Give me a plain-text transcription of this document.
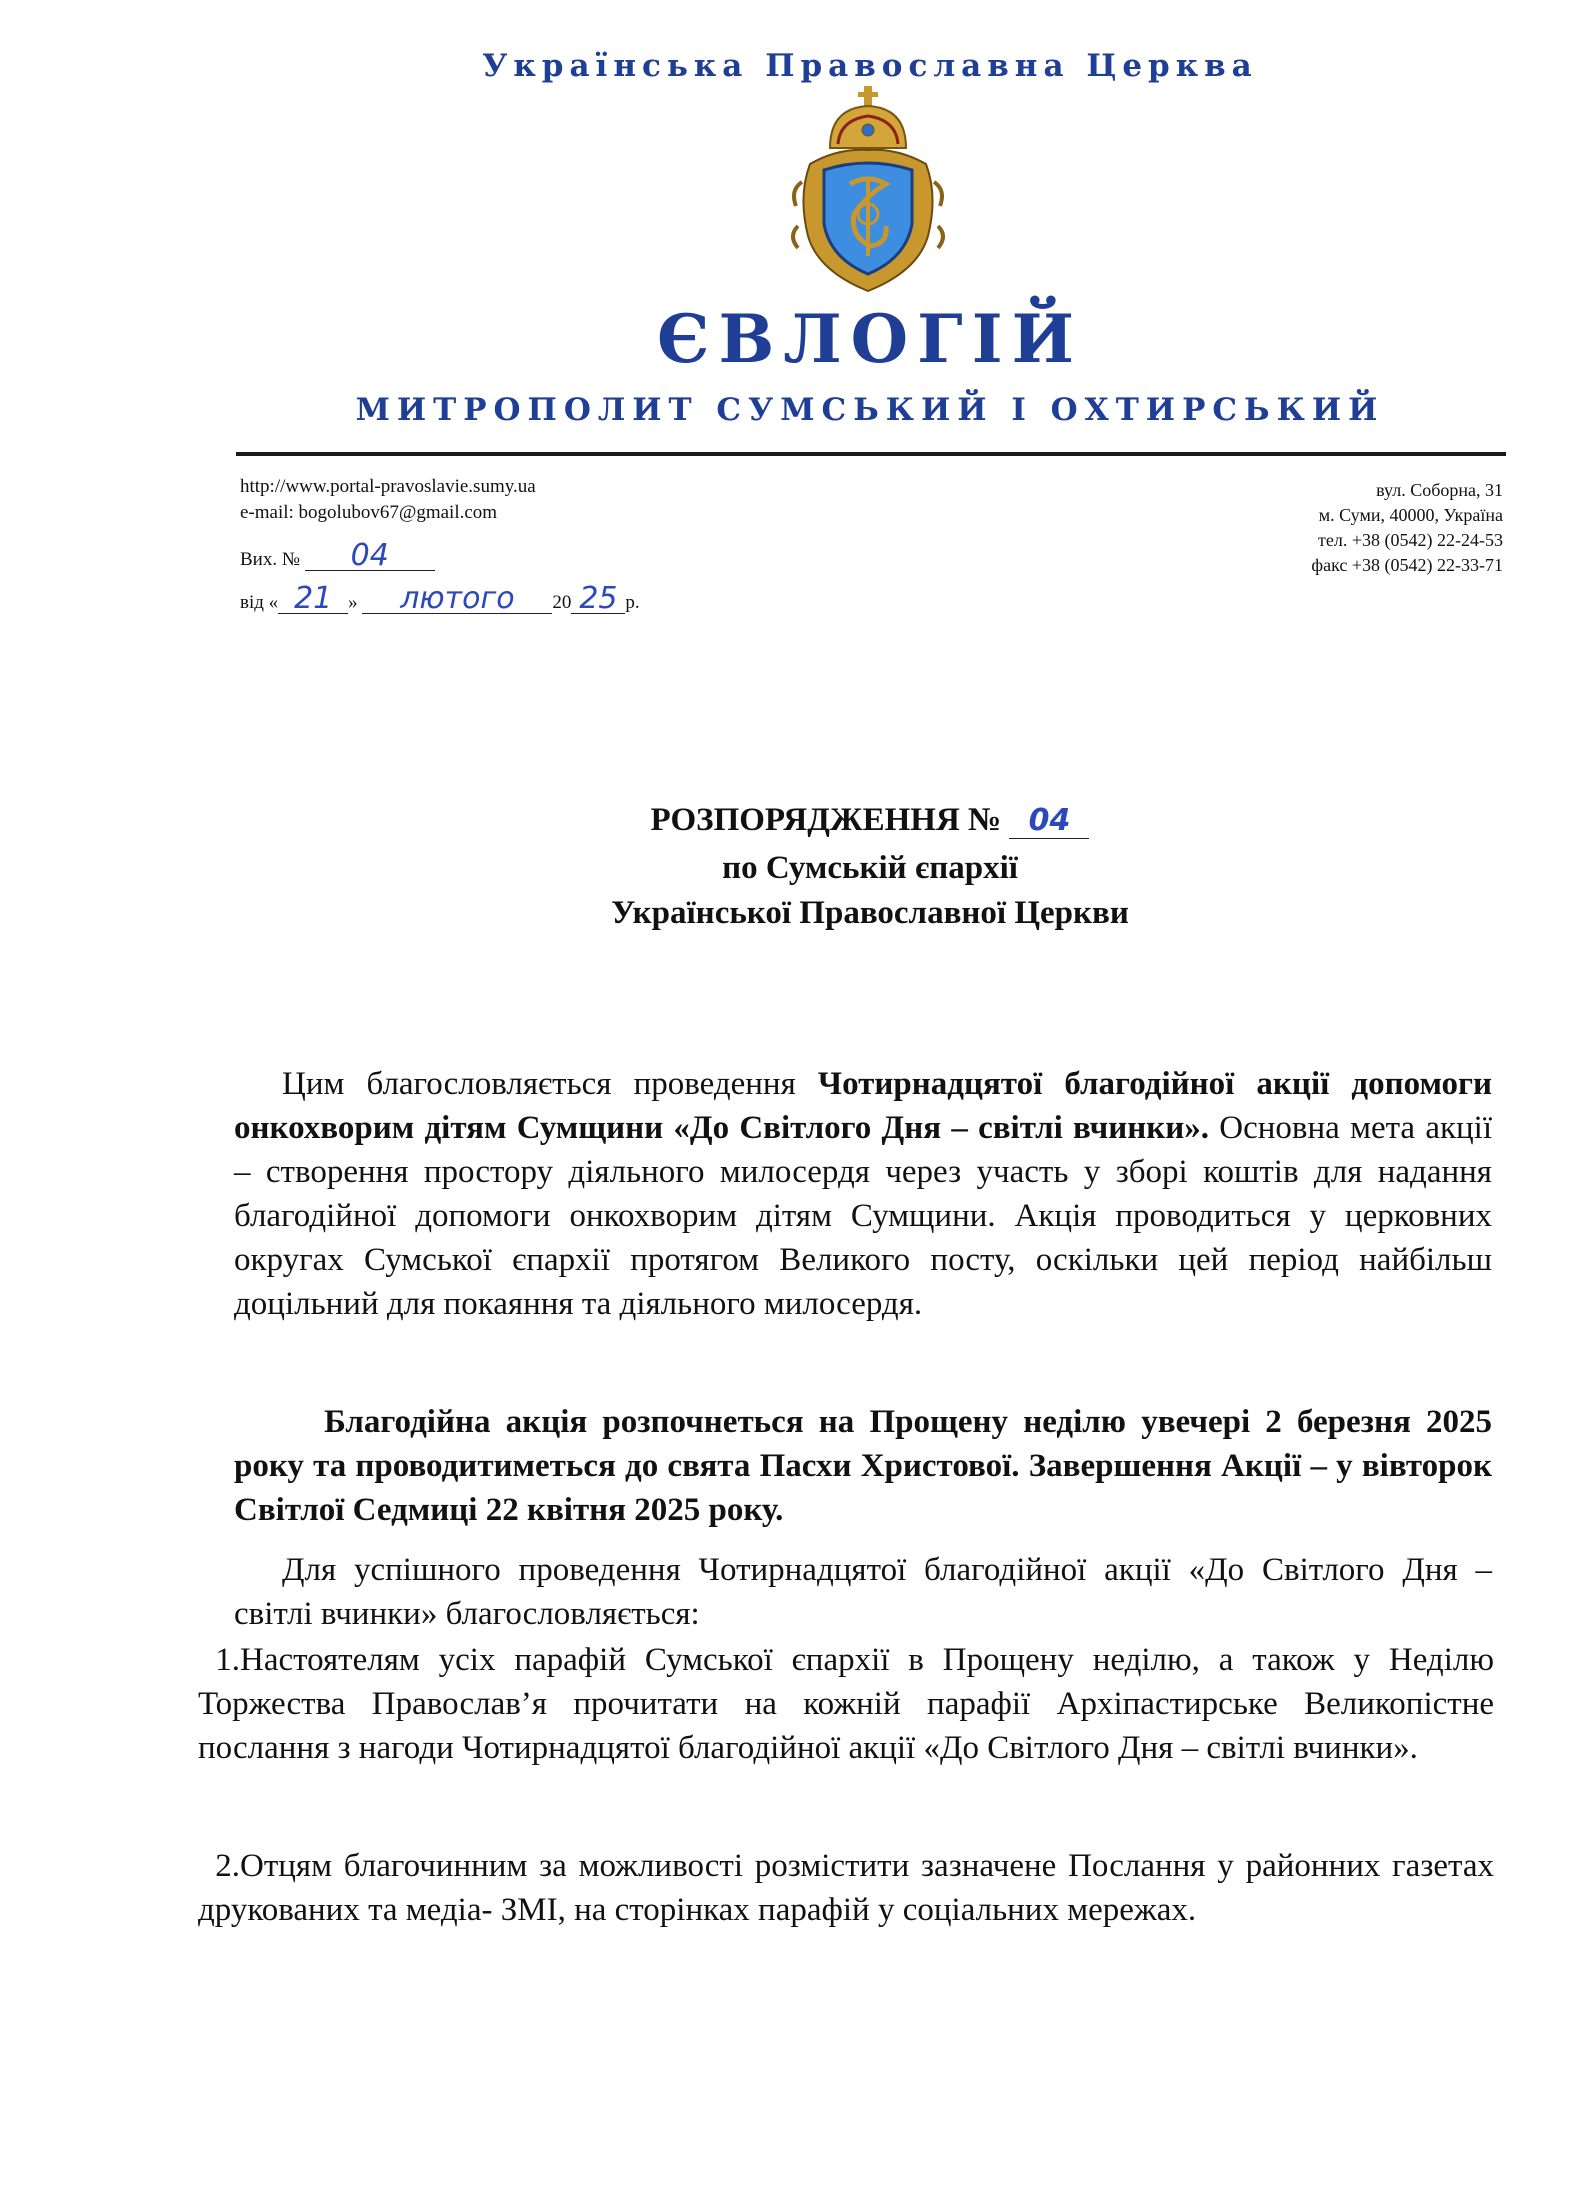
Українська Православна Церква
ЄВЛОГІЙ
МИТРОПОЛИТ СУМСЬКИЙ І ОХТИРСЬКИЙ
http://www.portal-pravoslavie.sumy.ua
e-mail: bogolubov67@gmail.com
вул. Соборна, 31
м. Суми, 40000, Україна
тел. +38 (0542) 22-24-53
факс +38 (0542) 22-33-71
Вих. № 04
від « 21 » лютого 20 25 р.
РОЗПОРЯДЖЕННЯ № 04
по Сумській єпархії
Української Православної Церкви
Цим благословляється проведення Чотирнадцятої благодійної акції допомоги онкохворим дітям Сумщини «До Світлого Дня – світлі вчинки». Основна мета акції – створення простору діяльного милосердя через участь у зборі коштів для надання благодійної допомоги онкохворим дітям Сумщини. Акція проводиться у церковних округах Сумської єпархії протягом Великого посту, оскільки цей період найбільш доцільний для покаяння та діяльного милосердя.
Благодійна акція розпочнеться на Прощену неділю увечері 2 березня 2025 року та проводитиметься до свята Пасхи Христової. Завершення Акції – у вівторок Світлої Седмиці 22 квітня 2025 року.
Для успішного проведення Чотирнадцятої благодійної акції «До Світлого Дня – світлі вчинки» благословляється:
1.Настоятелям усіх парафій Сумської єпархії в Прощену неділю, а також у Неділю Торжества Православ’я прочитати на кожній парафії Архіпастирське Великопістне послання з нагоди Чотирнадцятої благодійної акції «До Світлого Дня – світлі вчинки».
2.Отцям благочинним за можливості розмістити зазначене Послання у районних газетах друкованих та медіа- ЗМІ, на сторінках парафій у соціальних мережах.
